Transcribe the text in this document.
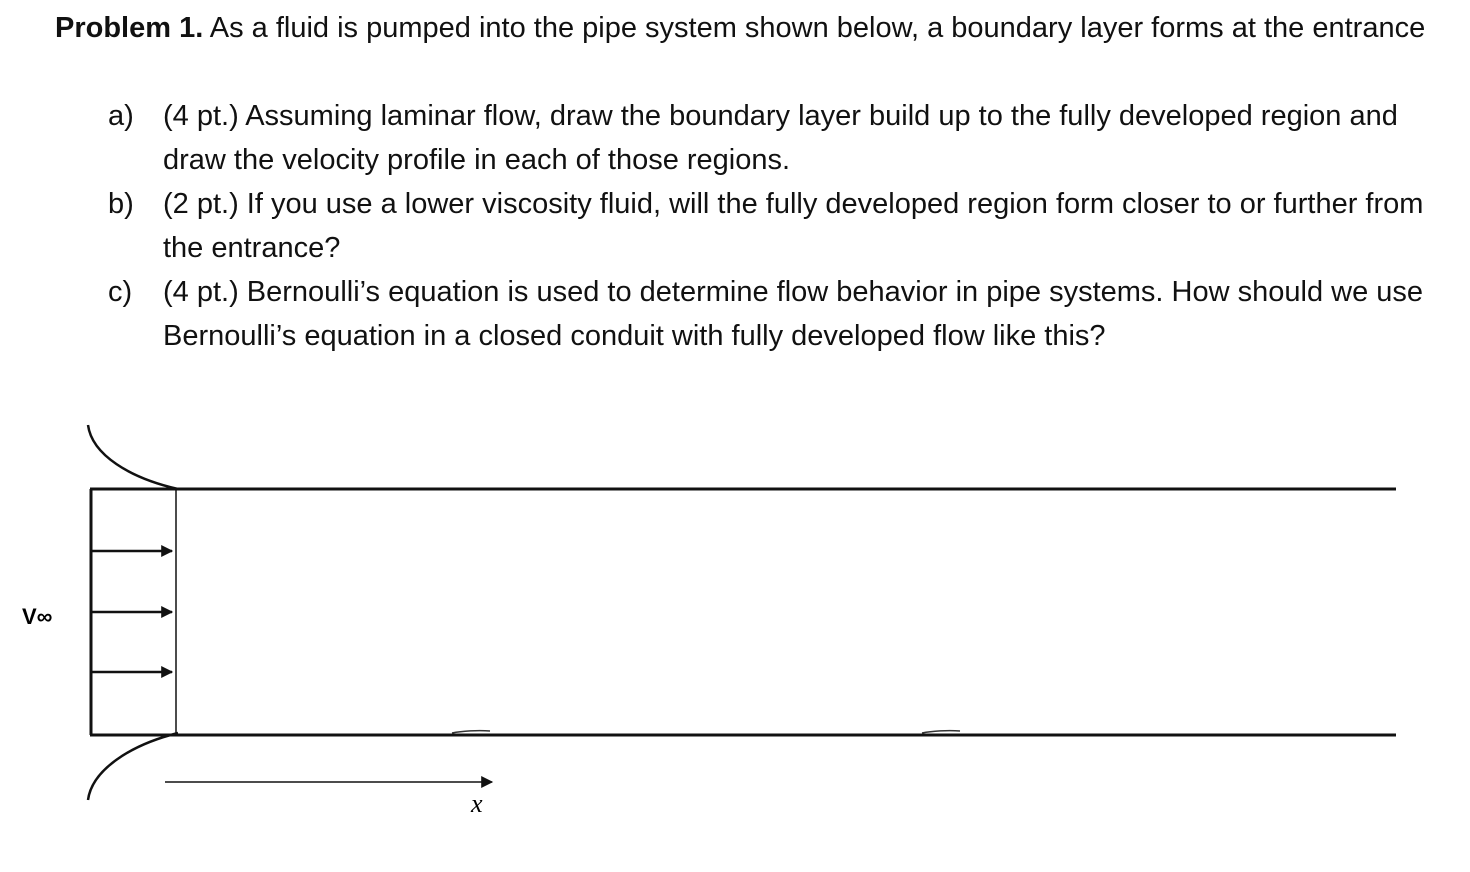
Problem 1. As a fluid is pumped into the pipe system shown below, a boundary layer forms at the entrance
a)	(4 pt.) Assuming laminar flow, draw the boundary layer build up to the fully developed region and draw the velocity profile in each of those regions.
b)	(2 pt.) If you use a lower viscosity fluid, will the fully developed region form closer to or further from the entrance?
c)	(4 pt.) Bernoulli’s equation is used to determine flow behavior in pipe systems. How should we use Bernoulli’s equation in a closed conduit with fully developed flow like this?
x
V∞
